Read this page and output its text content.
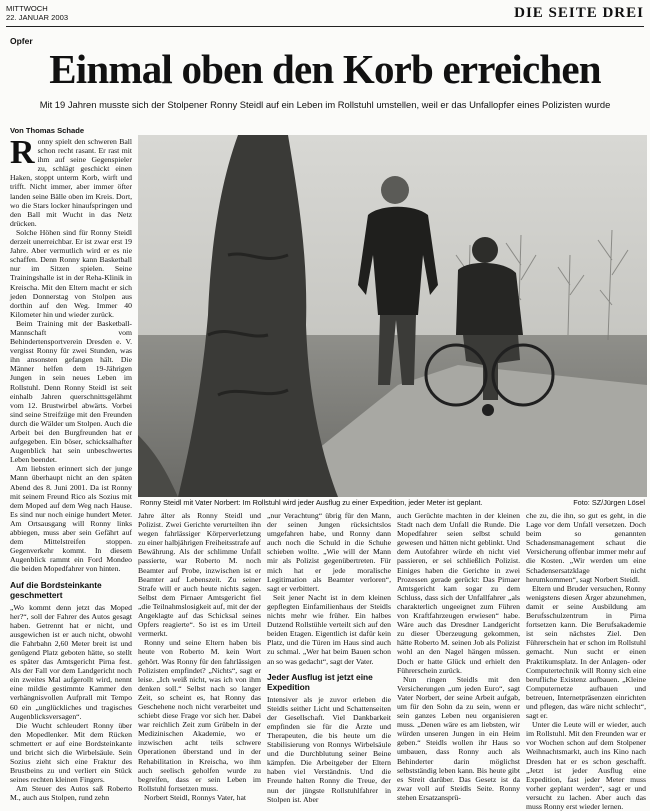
MITTWOCH
22. JANUAR 2003	DIE SEITE DREI
Opfer
Einmal oben den Korb erreichen
Mit 19 Jahren musste sich der Stolpener Ronny Steidl auf ein Leben im Rollstuhl umstellen, weil er das Unfallopfer eines Polizisten wurde
Von Thomas Schade

Ronny spielt den schweren Ball schon recht rasant. Er rast mit ihm auf seine Gegenspieler zu, schlägt geschickt einen Haken, stoppt unterm Korb, wirft und trifft. Nicht immer, aber immer öfter landen seine Bälle oben im Kreis. Dort, wo die Stars locker hinaufspringen und den Ball mit Wucht in das Netz drücken.

Solche Höhen sind für Ronny Steidl derzeit unerreichbar. Er ist zwar erst 19 Jahre. Aber vermutlich wird er es nie schaffen. Denn Ronny kann Basketball nur im Sitzen spielen. Seine Trainingshalle ist in der Reha-Klinik in Kreischa. Mit den Eltern macht er sich jeden Donnerstag von Stolpen aus dorthin auf den Weg. Immer 40 Kilometer hin und wieder zurück.

Beim Training mit der Basketball-Mannschaft vom Behindertensportverein Dresden e. V. vergisst Ronny für zwei Stunden, was ihn ansonsten gefangen hält. Die Männer helfen dem 19-Jährigen Jungen in sein neues Leben im Rollstuhl. Denn Ronny Steidl ist seit einhalb Jahren querschnittsgelähmt vom 12. Brustwirbel abwärts. Vorbei sind seine Streifzüge mit den Freunden durch die Wälder um Stolpen. Auch die Arbeit bei den Burgfreunden hat er aufgegeben. Ein böser, schicksalhafter Augenblick hat sein unbeschwertes Leben beendet.

Am liebsten erinnert sich der junge Mann überhaupt nicht an den späten Abend des 8. Juni 2001. Da ist Ronny mit seinem Freund Rico als Sozius mit dem Moped auf dem Weg nach Hause. Es sind nur noch einige hundert Meter. Am Ortsausgang will Ronny links abbiegen, muss aber sein Gefährt auf dem Mittelstreifen stoppen. Gegenverkehr kommt. In diesem Augenblick rammt ein Ford Mondeo die beiden Mopedfahrer von hinten.

Auf die Bordsteinkante geschmettert

„Wo kommt denn jetzt das Moped her?“, soll der Fahrer des Autos gesagt haben. Getrennt hat er nicht, und ausgewichen ist er auch nicht, obwohl die Fahrbahn 2,60 Meter breit ist und genügend Platz geboten hätte, so stellt es später das Amtsgericht Pirna fest. Als der Fall vor dem Landgericht noch ein zweites Mal aufgerollt wird, nennt eine mildie gestimmte Kammer den verhängnisvollen Aufprall mit Tempo 60 ein „unglückliches und tragisches Augenblicksversagen“.

Die Wucht schleudert Ronny über den Mopedlenker. Mit dem Rücken schmettert er auf eine Bordsteinkante und bricht sich die Wirbelsäule. Sein Sozius zieht sich eine Fraktur des Brustbeins zu und verliert ein Stück seines rechten kleinen Fingers.

Am Steuer des Autos saß Roberto M., auch aus Stolpen, rund zehn

Ronny Steidl mit Vater Norbert: Im Rollstuhl wird jeder Ausflug zu einer Expedition, jeder Meter ist geplant.	Foto: SZ/Jürgen Lösel

Jahre älter als Ronny Steidl und Polizist. Zwei Gerichte verurteilten ihn wegen fahrlässiger Körperverletzung zu einer halbjährigen Freiheitsstrafe auf Bewährung. Als der schlimme Unfall passierte, war Roberto M. noch Beamter auf Probe, inzwischen ist er Beamter auf Lebenszeit. Zu seiner Strafe will er auch heute nichts sagen. Selbst dem Pirnaer Amtsgericht fiel „die Teilnahmslosigkeit auf, mit der der Angeklagte auf das Schicksal seines Opfers reagierte“. So ist es im Urteil vermerkt.

Ronny und seine Eltern haben bis heute von Roberto M. kein Wort gehört. Was Ronny für den fahrlässigen Polizisten empfindet? „Nichts“, sagt er leise. „Ich weiß nicht, was ich von ihm denken soll.“ Selbst nach so langer Zeit, so scheint es, hat Ronny das Geschehene noch nicht verarbeitet und schiebt diese Frage vor sich her. Dabei war reichlich Zeit zum Grübeln in der Medizinischen Akademie, wo er inzwischen acht teils schwere Operationen überstand und in der Rehabilitation in Kreischa, wo ihm auch seelisch geholfen wurde zu begreifen, dass er sein Leben im Rollstuhl fortsetzen muss.

Norbert Steidl, Ronnys Vater, hat

„nur Verachtung“ übrig für den Mann, der seinen Jungen rücksichtslos umgefahren habe, und Ronny dann auch noch die Schuld in die Schuhe schieben wollte. „Wie will der Mann mir als Polizist gegenübertreten. Für mich hat er jede moralische Legitimation als Beamter verloren“, sagt er verbittert.

Seit jener Nacht ist in dem kleinen gepflegten Einfamilienhaus der Steidls nichts mehr wie früher. Ein halbes Dutzend Rollstühle verteilt sich auf den beiden Etagen. Eigentlich ist dafür kein Platz, und die Türen im Haus sind auch zu schmal. „Wer hat beim Bauen schon an so was gedacht“, sagt der Vater.

Jeder Ausflug ist jetzt eine Expedition

Intensiver als je zuvor erleben die Steidls seither Licht und Schattenseiten der Gesellschaft. Viel Dankbarkeit empfinden sie für die Ärzte und Therapeuten, die bis heute um die Stabilisierung von Ronnys Wirbelsäule und die Durchblutung seiner Beine kämpfen. Die Arbeitgeber der Eltern haben viel Verständnis. Und die Freunde halten Ronny die Treue, der nun der jüngste Rollstuhlfahrer in Stolpen ist. Aber

auch Gerüchte machten in der kleinen Stadt nach dem Unfall die Runde. Die Mopedfahrer seien selbst schuld gewesen und hätten nicht geblinkt. Und dem Autofahrer würde eh nicht viel passieren, er sei schließlich Polizist. Einiges haben die Gerichte in zwei Prozessen gerade gerückt: Das Pirnaer Amtsgericht kam sogar zu dem Schluss, dass sich der Unfallfahrer „als charakterlich ungeeignet zum Führen von Kraftfahrzeugen erwiesen“ habe. Wäre auch das Dresdner Landgericht zu dieser Überzeugung gekommen, hätte Roberto M. seinen Job als Polizist wohl an den Nagel hängen müssen. Doch er hatte Glück und erhielt den Führerschein zurück.

Nun ringen Steidls mit den Versicherungen „um jeden Euro“, sagt Vater Norbert, der seine Arbeit aufgab, um für den Sohn da zu sein, wenn er sein ganzes Leben neu organisieren muss. „Denen wäre es am liebsten, wir würden unseren Jungen in ein Heim geben.“ Steidls wollen ihr Haus so umbauen, dass Ronny auch als Behinderter darin möglichst selbstständig leben kann. Bis heute gibt es Streit darüber. Das Gesetz ist da zwar voll auf Steidls Seite. Ronny stehen Ersatzansprü-

che zu, die ihn, so gut es geht, in die Lage vor dem Unfall versetzen. Doch beim so genannten Schadensmanagement schaut die Versicherung offenbar immer mehr auf die Kosten. „Wir werden um eine Schadensersatzklage nicht herumkommen“, sagt Norbert Steidl.

Eltern und Bruder versuchen, Ronny wenigstens diesen Ärger abzunehmen, damit er seine Ausbildung am Berufsschulzentrum in Pirna fortsetzen kann. Die Berufsakademie ist sein nächstes Ziel. Den Führerschein hat er schon im Rollstuhl gemacht. Nun sucht er einen Praktikumsplatz. In der Anlagen- oder Computertechnik will Ronny sich eine berufliche Existenz aufbauen. „Kleine Computernetze aufbauen und betreuen, Internetpräsenzen einrichten und pflegen, das wäre nicht schlecht“, sagt er.

Unter die Leute will er wieder, auch im Rollstuhl. Mit den Freunden war er vor Wochen schon auf dem Stolpener Weihnachtsmarkt, auch ins Kino nach Dresden hat er es schon geschafft. „Jetzt ist jeder Ausflug eine Expedition, fast jeder Meter muss vorher geplant werden“, sagt er und versucht zu lachen. Aber auch das muss Ronny erst wieder lernen.
